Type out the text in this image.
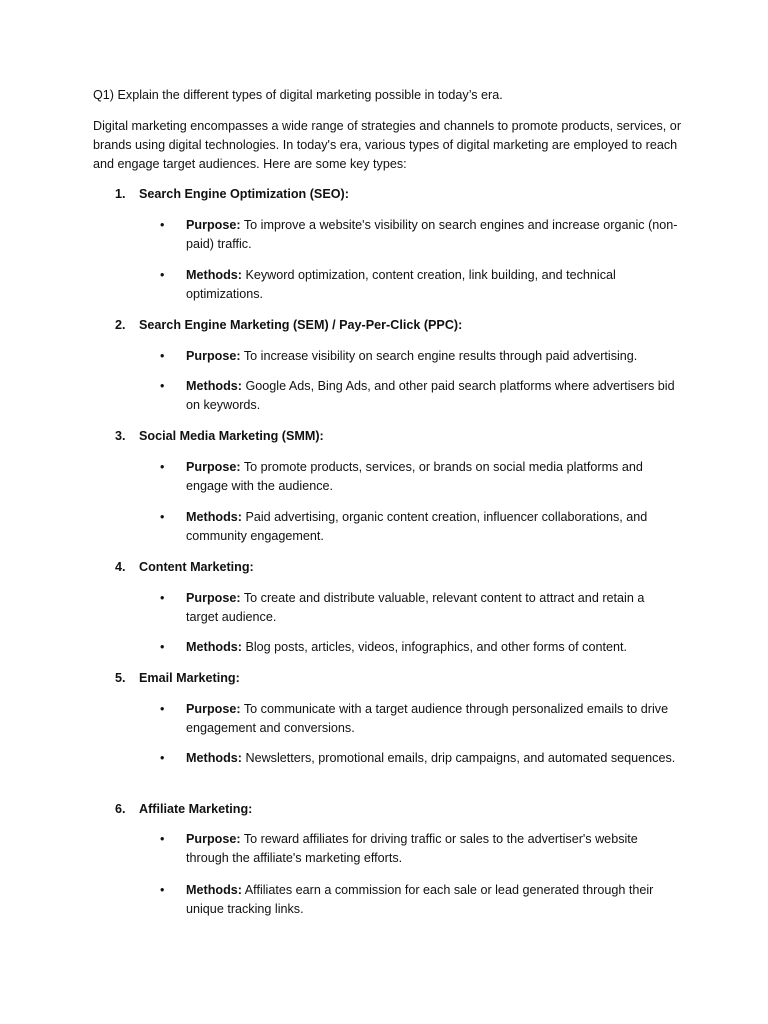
Q1) Explain the different types of digital marketing possible in today’s era.

Digital marketing encompasses a wide range of strategies and channels to promote products, services, or brands using digital technologies. In today's era, various types of digital marketing are employed to reach and engage target audiences. Here are some key types:

1. Search Engine Optimization (SEO):
•	Purpose: To improve a website's visibility on search engines and increase organic (non-paid) traffic.
•	Methods: Keyword optimization, content creation, link building, and technical optimizations.
2. Search Engine Marketing (SEM) / Pay-Per-Click (PPC):
•	Purpose: To increase visibility on search engine results through paid advertising.
•	Methods: Google Ads, Bing Ads, and other paid search platforms where advertisers bid on keywords.
3. Social Media Marketing (SMM):
•	Purpose: To promote products, services, or brands on social media platforms and engage with the audience.
•	Methods: Paid advertising, organic content creation, influencer collaborations, and community engagement.
4. Content Marketing:
•	Purpose: To create and distribute valuable, relevant content to attract and retain a target audience.
•	Methods: Blog posts, articles, videos, infographics, and other forms of content.
5. Email Marketing:
•	Purpose: To communicate with a target audience through personalized emails to drive engagement and conversions.
•	Methods: Newsletters, promotional emails, drip campaigns, and automated sequences.
6. Affiliate Marketing:
•	Purpose: To reward affiliates for driving traffic or sales to the advertiser's website through the affiliate's marketing efforts.
•	Methods: Affiliates earn a commission for each sale or lead generated through their unique tracking links.
